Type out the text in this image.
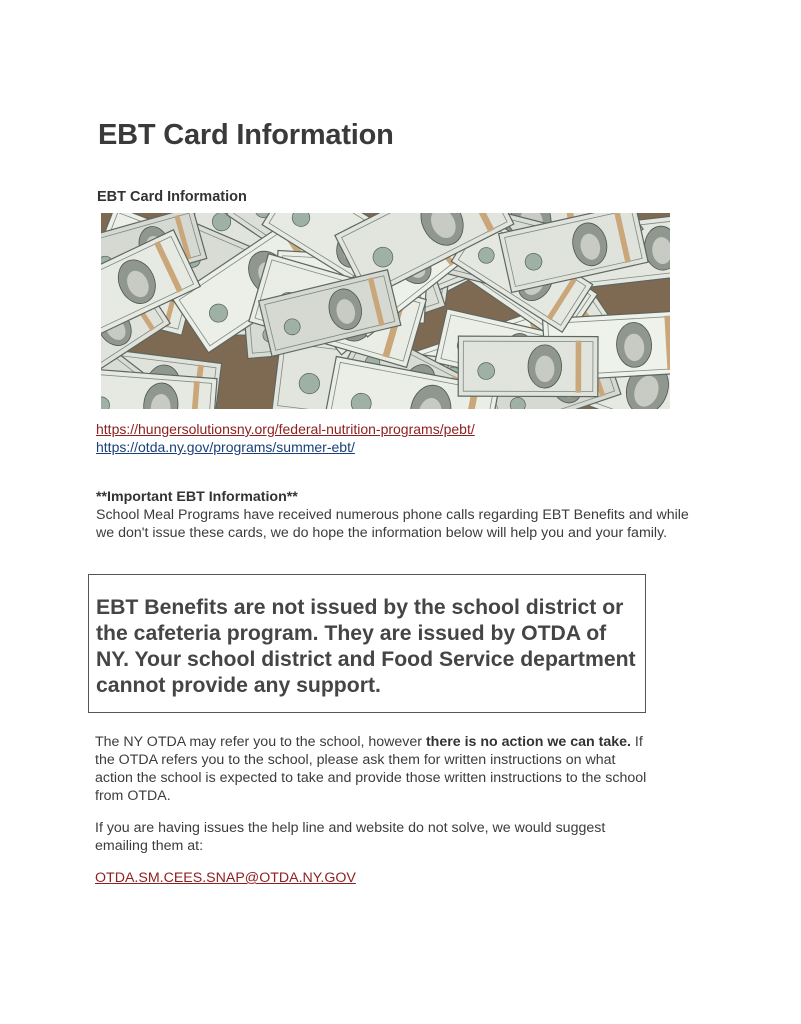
EBT Card Information
EBT Card Information
https://hungersolutionsny.org/federal-nutrition-programs/pebt/
https://otda.ny.gov/programs/summer-ebt/
**Important EBT Information**
School Meal Programs have received numerous phone calls regarding EBT Benefits and while we don't issue these cards, we do hope the information below will help you and your family.

EBT Benefits are not issued by the school district or the cafeteria program. They are issued by OTDA of NY. Your school district and Food Service department cannot provide any support.

The NY OTDA may refer you to the school, however there is no action we can take. If the OTDA refers you to the school, please ask them for written instructions on what action the school is expected to take and provide those written instructions to the school from OTDA.

If you are having issues the help line and website do not solve, we would suggest emailing them at:

OTDA.SM.CEES.SNAP@OTDA.NY.GOV
